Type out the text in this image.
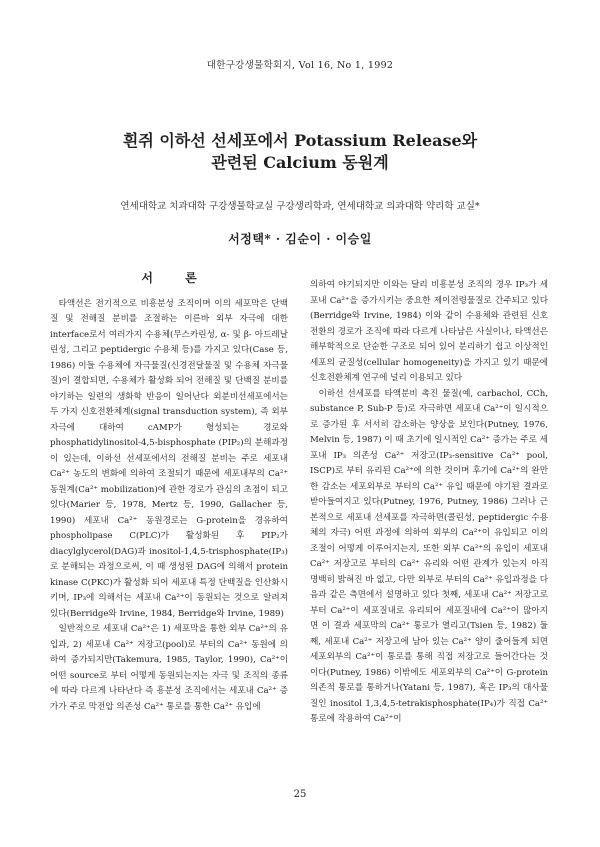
대한구강생물학회지, Vol 16, No 1, 1992
흰쥐 이하선 선세포에서 Potassium Release와
관련된 Calcium 동원계
연세대학교 치과대학 구강생물학교실 구강생리학과, 연세대학교 의과대학 약리학 교실*
서정택* · 김순이 · 이승일
서 론

타액선은 전기적으로 비흥분성 조직이며 이의 세포막은 단백질 및 전해질 분비를 조절하는 이른바 외부 자극에 대한 interface로서 여러가지 수용체(무스카린성, α- 및 β- 아드레날린성, 그리고 peptidergic 수용체 등)를 가지고 있다(Case 등, 1986) 이들 수용체에 자극물질(신경전달물질 및 수용체 자극물질)이 결합되면, 수용체가 활성화 되어 전해질 및 단백질 분비를 야기하는 일련의 생화학 반응이 일어난다 외분비선세포에서는 두 가지 신호전환체계(signal transduction system), 즉 외부자극에 대하여 cAMP가 형성되는 경로와 phosphatidylinositol-4,5-bisphosphate (PIP₂)의 분해과정이 있는데, 이하선 선세포에서의 전해질 분비는 주로 세포내 Ca²⁺ 농도의 변화에 의하여 조절되기 때문에 세포내부의 Ca²⁺ 동원계(Ca²⁺ mobilization)에 관한 경로가 관심의 초점이 되고 있다(Marier 등, 1978, Mertz 등, 1990, Gallacher 등, 1990) 세포내 Ca²⁺ 동원경로는 G-protein을 경유하여 phospholipase C(PLC)가 활성화된 후 PIP₂가 diacylglycerol(DAG)과 inositol-1,4,5-trisphosphate(IP₃)로 분해되는 과정으로써, 이 때 생성된 DAG에 의해서 protein kinase C(PKC)가 활성화 되어 세포내 특정 단백질을 인산화시키며, IP₃에 의해서는 세포내 Ca²⁺이 동원되는 것으로 알려져 있다(Berridge와 Irvine, 1984, Berridge와 Irvine, 1989)

일반적으로 세포내 Ca²⁺은 1) 세포막을 통한 외부 Ca²⁺의 유입과, 2) 세포내 Ca²⁺ 저장고(pool)로 부터의 Ca²⁺ 동원에 의하여 증가되지만(Takemura, 1985, Taylor, 1990), Ca²⁺이 어떤 source로 부터 어떻게 동원되는지는 자극 및 조직의 종류에 따라 다르게 나타난다 즉 흥분성 조직에서는 세포내 Ca²⁺ 증가가 주로 막전압 의존성 Ca²⁺ 통로를 통한 Ca²⁺ 유입에

의하여 야기되지만 이와는 달리 비흥분성 조직의 경우 IP₃가 세포내 Ca²⁺을 증가시키는 중요한 제이전령물질로 간주되고 있다(Berridge와 Irvine, 1984) 이와 같이 수용체와 관련된 신호전환의 경로가 조직에 따라 다르게 나타남은 사실이나, 타액선은 해부학적으로 단순한 구조로 되어 있어 분리하기 쉽고 이상적인 세포의 균질성(cellular homogeneity)을 가지고 있기 때문에 신호전환체계 연구에 널리 이용되고 있다

이하선 선세포를 타액분비 촉진 물질(예, carbachol, CCh, substance P, Sub-P 등)로 자극하면 세포내 Ca²⁺이 일시적으로 증가된 후 서서히 감소하는 양상을 보인다(Putney, 1976, Melvin 등, 1987) 이 때 초기에 일시적인 Ca²⁺ 증가는 주로 세포내 IP₃ 의존성 Ca²⁺ 저장고(IP₃-sensitive Ca²⁺ pool, ISCP)로 부터 유리된 Ca²⁺에 의한 것이며 후기에 Ca²⁺의 완만한 감소는 세포외부로 부터의 Ca²⁺ 유입 때문에 야기된 결과로 받아들여지고 있다(Putney, 1976, Putney, 1986) 그러나 근본적으로 세포내 선세포를 자극하면(콜린성, peptidergic 수용체의 자극) 어떤 과정에 의하여 외부의 Ca²⁺이 유입되고 이의 조절이 어떻게 이루어지는지, 또한 외부 Ca²⁺의 유입이 세포내 Ca²⁺ 저장고로 부터의 Ca²⁺ 유리와 어떤 관계가 있는지 아직 명백히 밝혀진 바 없고, 다만 외부로 부터의 Ca²⁺ 유입과정을 다음과 같은 측면에서 설명하고 있다 첫째, 세포내 Ca²⁺ 저장고로 부터 Ca²⁺이 세포질내로 유리되어 세포질내에 Ca²⁺이 많아지면 이 결과 세포막의 Ca²⁺ 통로가 열리고(Tsien 등, 1982) 둘째, 세포내 Ca²⁺ 저장고에 남아 있는 Ca²⁺ 양이 줄어들게 되면 세포외부의 Ca²⁺이 통로를 통해 직접 저장고로 들어간다는 것이다(Putney, 1986) 이밖에도 세포외부의 Ca²⁺이 G-protein 의존적 통로를 통하거나(Yatani 등, 1987), 혹은 IP₃의 대사물질인 inositol 1,3,4,5-tetrakisphosphate(IP₄)가 직접 Ca²⁺ 통로에 작용하여 Ca²⁺이

25
